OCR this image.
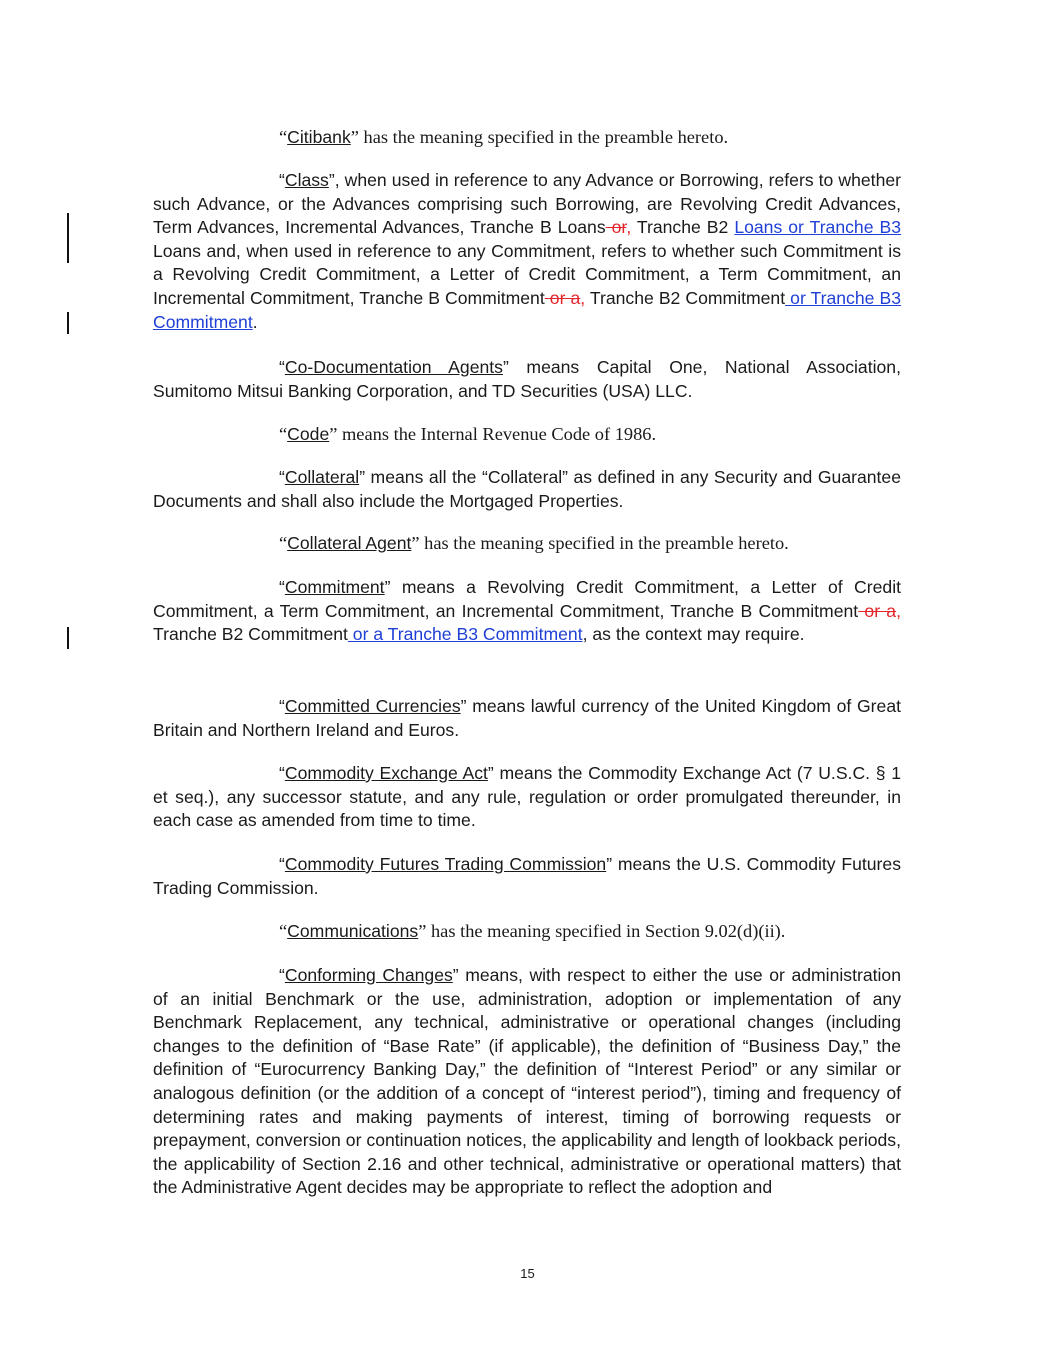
“Citibank” has the meaning specified in the preamble hereto.
“Class”, when used in reference to any Advance or Borrowing, refers to whether such Advance, or the Advances comprising such Borrowing, are Revolving Credit Advances, Term Advances, Incremental Advances, Tranche B Loans or, Tranche B2 Loans or Tranche B3 Loans and, when used in reference to any Commitment, refers to whether such Commitment is a Revolving Credit Commitment, a Letter of Credit Commitment, a Term Commitment, an Incremental Commitment, Tranche B Commitment or a, Tranche B2 Commitment or Tranche B3 Commitment.
“Co-Documentation Agents” means Capital One, National Association, Sumitomo Mitsui Banking Corporation, and TD Securities (USA) LLC.
“Code” means the Internal Revenue Code of 1986.
“Collateral” means all the “Collateral” as defined in any Security and Guarantee Documents and shall also include the Mortgaged Properties.
“Collateral Agent” has the meaning specified in the preamble hereto.
“Commitment” means a Revolving Credit Commitment, a Letter of Credit Commitment, a Term Commitment, an Incremental Commitment, Tranche B Commitment or a, Tranche B2 Commitment or a Tranche B3 Commitment, as the context may require.
“Committed Currencies” means lawful currency of the United Kingdom of Great Britain and Northern Ireland and Euros.
“Commodity Exchange Act” means the Commodity Exchange Act (7 U.S.C. § 1 et seq.), any successor statute, and any rule, regulation or order promulgated thereunder, in each case as amended from time to time.
“Commodity Futures Trading Commission” means the U.S. Commodity Futures Trading Commission.
“Communications” has the meaning specified in Section 9.02(d)(ii).
“Conforming Changes” means, with respect to either the use or administration of an initial Benchmark or the use, administration, adoption or implementation of any Benchmark Replacement, any technical, administrative or operational changes (including changes to the definition of “Base Rate” (if applicable), the definition of “Business Day,” the definition of “Eurocurrency Banking Day,” the definition of “Interest Period” or any similar or analogous definition (or the addition of a concept of “interest period”), timing and frequency of determining rates and making payments of interest, timing of borrowing requests or prepayment, conversion or continuation notices, the applicability and length of lookback periods, the applicability of Section 2.16 and other technical, administrative or operational matters) that the Administrative Agent decides may be appropriate to reflect the adoption and
15
